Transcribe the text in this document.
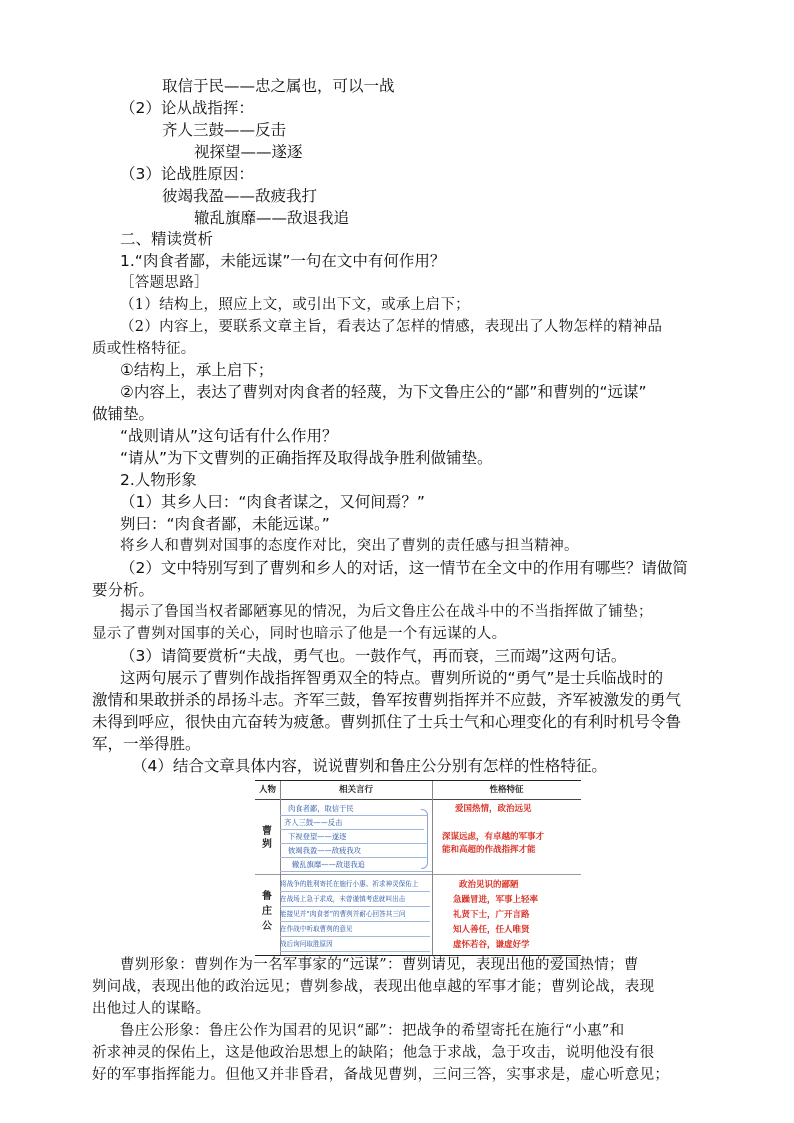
取信于民——忠之属也，可以一战
（2）论从战指挥：
齐人三鼓——反击
视探望——遂逐
（3）论战胜原因：
彼竭我盈——敌疲我打
辙乱旗靡——敌退我追
二、精读赏析
1.“肉食者鄙，未能远谋”一句在文中有何作用？
［答题思路］
（1）结构上，照应上文，或引出下文，或承上启下；
（2）内容上，要联系文章主旨，看表达了怎样的情感，表现出了人物怎样的精神品
质或性格特征。
①结构上，承上启下；
②内容上，表达了曹刿对肉食者的轻蔑，为下文鲁庄公的“鄙”和曹刿的“远谋”
做铺垫。
“战则请从”这句话有什么作用？
“请从”为下文曹刿的正确指挥及取得战争胜利做铺垫。
2.人物形象
（1）其乡人曰：“肉食者谋之，又何间焉？”
刿曰：“肉食者鄙，未能远谋。”
将乡人和曹刿对国事的态度作对比，突出了曹刿的责任感与担当精神。
（2）文中特别写到了曹刿和乡人的对话，这一情节在全文中的作用有哪些？请做简
要分析。
揭示了鲁国当权者鄙陋寡见的情况，为后文鲁庄公在战斗中的不当指挥做了铺垫；
显示了曹刿对国事的关心，同时也暗示了他是一个有远谋的人。
（3）请简要赏析“夫战，勇气也。一鼓作气，再而衰，三而竭”这两句话。
这两句展示了曹刿作战指挥智勇双全的特点。曹刿所说的“勇气”是士兵临战时的
激情和果敢拼杀的昂扬斗志。齐军三鼓，鲁军按曹刿指挥并不应鼓，齐军被激发的勇气
未得到呼应，很快由亢奋转为疲惫。曹刿抓住了士兵士气和心理变化的有利时机号令鲁
军，一举得胜。
（4）结合文章具体内容，说说曹刿和鲁庄公分别有怎样的性格特征。
人物	相关言行	性格特征
曹刿
鲁庄公
肉食者鄙，取信于民
齐人三鼓——反击
下视登望——遂逐
彼竭我盈——敌疲我攻
辙乱旗靡——敌退我追
将战争的胜利寄托在施行小惠、祈求神灵保佑上
在战场上急于求成，未曾谨慎考虑就叫出击
能接见并“肉食者”的曹刿并耐心回答其三问
在作战中听取曹刿的意见
战后询问取胜原因
爱国热情，政治远见
深谋远虑，有卓越的军事才
能和高超的作战指挥才能
政治见识的鄙陋
急躁冒进，军事上轻率
礼贤下士，广开言路
知人善任，任人唯贤
虚怀若谷，谦虚好学
曹刿形象：曹刿作为一名军事家的“远谋”：曹刿请见，表现出他的爱国热情；曹
刿问战，表现出他的政治远见；曹刿参战，表现出他卓越的军事才能；曹刿论战，表现
出他过人的谋略。
鲁庄公形象：鲁庄公作为国君的见识“鄙”：把战争的希望寄托在施行“小惠”和
祈求神灵的保佑上，这是他政治思想上的缺陷；他急于求战，急于攻击，说明他没有很
好的军事指挥能力。但他又并非昏君，备战见曹刿，三问三答，实事求是，虚心听意见；
